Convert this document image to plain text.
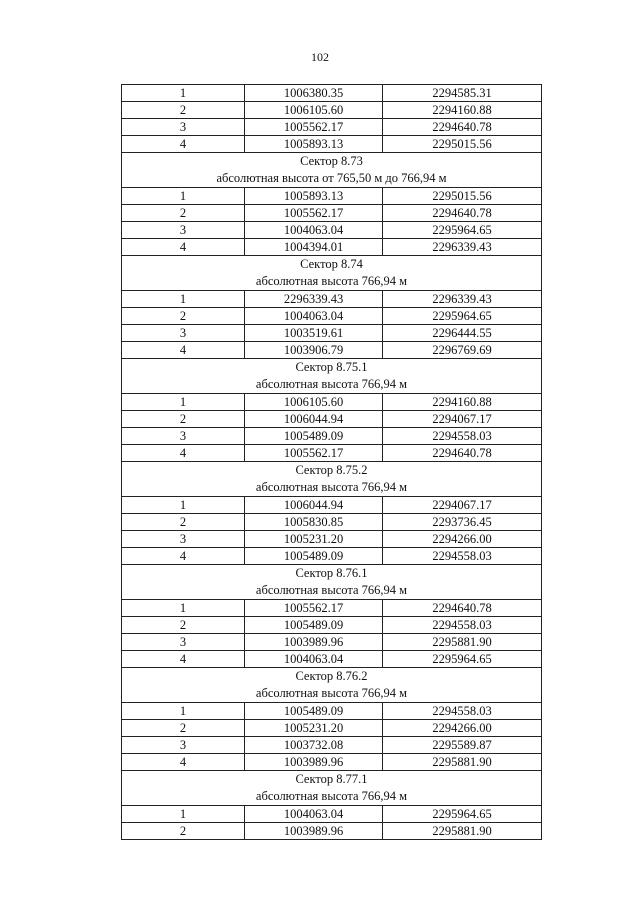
102
1	1006380.35	2294585.31
2	1006105.60	2294160.88
3	1005562.17	2294640.78
4	1005893.13	2295015.56

Сектор 8.73
абсолютная высота от 765,50 м до 766,94 м		

1	1005893.13	2295015.56
2	1005562.17	2294640.78
3	1004063.04	2295964.65
4	1004394.01	2296339.43

Сектор 8.74
абсолютная высота 766,94 м		

1	2296339.43	2296339.43
2	1004063.04	2295964.65
3	1003519.61	2296444.55
4	1003906.79	2296769.69

Сектор 8.75.1
абсолютная высота 766,94 м		

1	1006105.60	2294160.88
2	1006044.94	2294067.17
3	1005489.09	2294558.03
4	1005562.17	2294640.78

Сектор 8.75.2
абсолютная высота 766,94 м		

1	1006044.94	2294067.17
2	1005830.85	2293736.45
3	1005231.20	2294266.00
4	1005489.09	2294558.03

Сектор 8.76.1
абсолютная высота 766,94 м		

1	1005562.17	2294640.78
2	1005489.09	2294558.03
3	1003989.96	2295881.90
4	1004063.04	2295964.65

Сектор 8.76.2
абсолютная высота 766,94 м		

1	1005489.09	2294558.03
2	1005231.20	2294266.00
3	1003732.08	2295589.87
4	1003989.96	2295881.90

Сектор 8.77.1
абсолютная высота 766,94 м		

1	1004063.04	2295964.65
2	1003989.96	2295881.90
